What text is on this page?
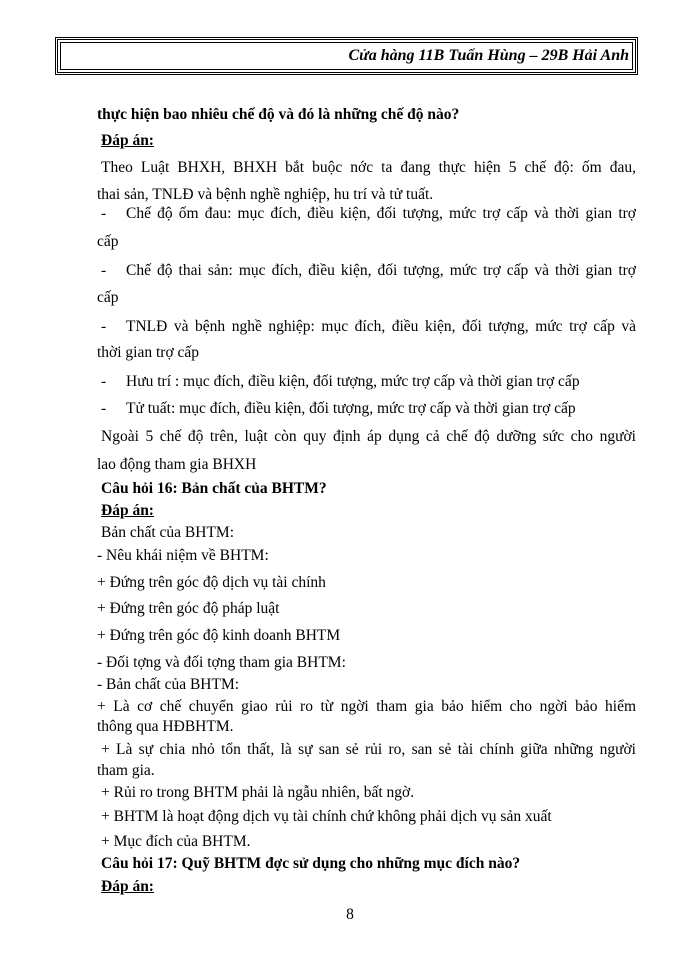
Cửa hàng 11B Tuấn Hùng – 29B Hải Anh
thực hiện bao nhiêu chế độ và đó là những chế độ nào?
Đáp án:
Theo Luật BHXH, BHXH bắt buộc nớc ta đang thực hiện 5 chế độ: ốm đau,
thai sản, TNLĐ và bệnh nghề nghiệp, hu trí và tử tuất.
- Chế độ ốm đau: mục đích, điều kiện, đối tượng, mức trợ cấp và thời gian trợ
cấp
- Chế độ thai sản: mục đích, điều kiện, đối tượng, mức trợ cấp và thời gian trợ
cấp
- TNLĐ và bệnh nghề nghiệp: mục đích, điều kiện, đối tượng, mức trợ cấp và
thời gian trợ cấp
- Hưu trí : mục đích, điều kiện, đối tượng, mức trợ cấp và thời gian trợ cấp
- Tử tuất: mục đích, điều kiện, đối tượng, mức trợ cấp và thời gian trợ cấp
Ngoài 5 chế độ trên, luật còn quy định áp dụng cả chế độ dưỡng sức cho người
lao động tham gia BHXH
Câu hỏi 16: Bản chất của BHTM?
Đáp án:
Bản chất của BHTM:
- Nêu khái niệm về BHTM:
+ Đứng trên góc độ dịch vụ tài chính
+ Đứng trên góc độ pháp luật
+ Đứng trên góc độ kinh doanh BHTM
- Đối tợng và đối tợng tham gia BHTM:
- Bản chất của BHTM:
+ Là cơ chế chuyển giao rủi ro từ ngời tham gia bảo hiểm cho ngời bảo hiểm
thông qua HĐBHTM.
+ Là sự chia nhỏ tổn thất, là sự san sẻ rủi ro, san sẻ tài chính giữa những người
tham gia.
+ Rủi ro trong BHTM phải là ngẫu nhiên, bất ngờ.
+ BHTM là hoạt động dịch vụ tài chính chứ không phải dịch vụ sản xuất
+ Mục đích của BHTM.
Câu hỏi 17: Quỹ BHTM đợc sử dụng cho những mục đích nào?
Đáp án:
8
